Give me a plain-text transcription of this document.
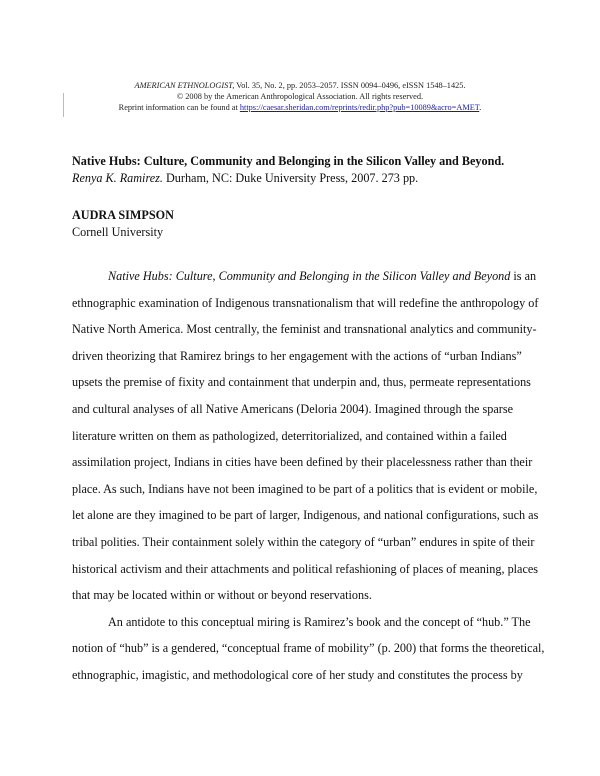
AMERICAN ETHNOLOGIST, Vol. 35, No. 2, pp. 2053–2057. ISSN 0094–0496, eISSN 1548–1425.
© 2008 by the American Anthropological Association. All rights reserved.
Reprint information can be found at https://caesar.sheridan.com/reprints/redir.php?pub=10089&acro=AMET.
Native Hubs: Culture, Community and Belonging in the Silicon Valley and Beyond. Renya K. Ramirez. Durham, NC: Duke University Press, 2007. 273 pp.
AUDRA SIMPSON
Cornell University
Native Hubs: Culture, Community and Belonging in the Silicon Valley and Beyond is an
ethnographic examination of Indigenous transnationalism that will redefine the anthropology of
Native North America. Most centrally, the feminist and transnational analytics and community-
driven theorizing that Ramirez brings to her engagement with the actions of “urban Indians”
upsets the premise of fixity and containment that underpin and, thus, permeate representations
and cultural analyses of all Native Americans (Deloria 2004). Imagined through the sparse
literature written on them as pathologized, deterritorialized, and contained within a failed
assimilation project, Indians in cities have been defined by their placelessness rather than their
place. As such, Indians have not been imagined to be part of a politics that is evident or mobile,
let alone are they imagined to be part of larger, Indigenous, and national configurations, such as
tribal polities. Their containment solely within the category of “urban” endures in spite of their
historical activism and their attachments and political refashioning of places of meaning, places
that may be located within or without or beyond reservations.
An antidote to this conceptual miring is Ramirez’s book and the concept of “hub.” The
notion of “hub” is a gendered, “conceptual frame of mobility” (p. 200) that forms the theoretical,
ethnographic, imagistic, and methodological core of her study and constitutes the process by
